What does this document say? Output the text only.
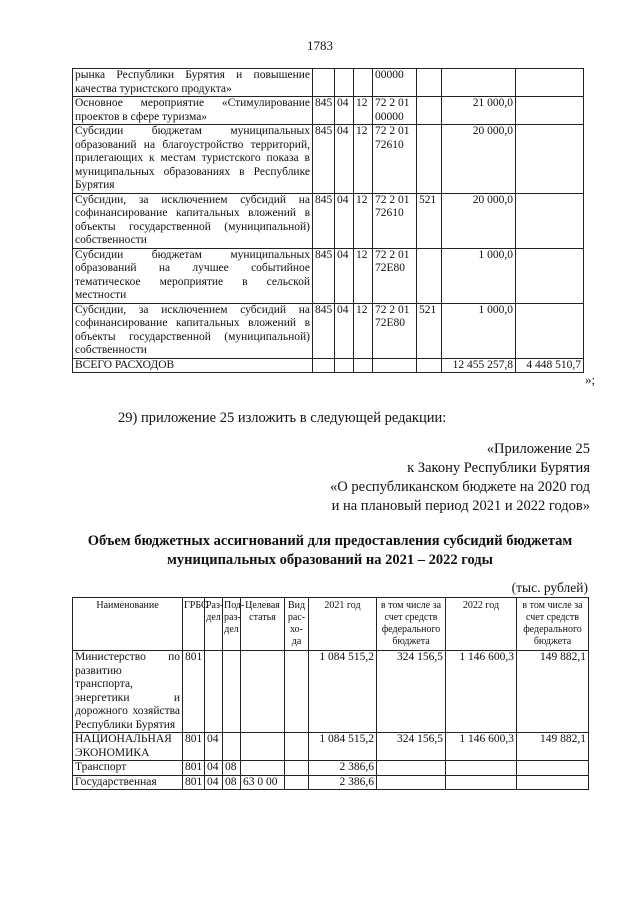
1783
рынка Республики Бурятия и повышение качества туристского продукта»				00000			
Основное мероприятие «Стимулирование проектов в сфере туризма»	845	04	12	72 2 01 00000		21 000,0	
Субсидии бюджетам муниципальных образований на благоустройство территорий, прилегающих к местам туристского показа в муниципальных образованиях в Республике Бурятия	845	04	12	72 2 01 72610		20 000,0	
Субсидии, за исключением субсидий на софинансирование капитальных вложений в объекты государственной (муниципальной) собственности	845	04	12	72 2 01 72610	521	20 000,0	
Субсидии бюджетам муниципальных образований на лучшее событийное тематическое мероприятие в сельской местности	845	04	12	72 2 01 72Е80		1 000,0	
Субсидии, за исключением субсидий на софинансирование капитальных вложений в объекты государственной (муниципальной) собственности	845	04	12	72 2 01 72Е80	521	1 000,0	
ВСЕГО РАСХОДОВ						12 455 257,8	4 448 510,7
»;
29) приложение 25 изложить в следующей редакции:
«Приложение 25
к Закону Республики Бурятия
«О республиканском бюджете на 2020 год
и на плановый период 2021 и 2022 годов»
Объем бюджетных ассигнований для предоставления субсидий бюджетам
муниципальных образований на 2021 – 2022 годы
(тыс. рублей)
Наименование	ГРБС	Раз-дел	Под-раз-дел	Целевая статья	Вид рас-хо-да	2021 год	в том числе за счет средств федерального бюджета	2022 год	в том числе за счет средств федерального бюджета
Министерство по развитию транспорта, энергетики и дорожного хозяйства Республики Бурятия	801					1 084 515,2	324 156,5	1 146 600,3	149 882,1
НАЦИОНАЛЬНАЯ ЭКОНОМИКА	801	04				1 084 515,2	324 156,5	1 146 600,3	149 882,1
Транспорт	801	04	08			2 386,6			
Государственная	801	04	08	63 0 00		2 386,6			
